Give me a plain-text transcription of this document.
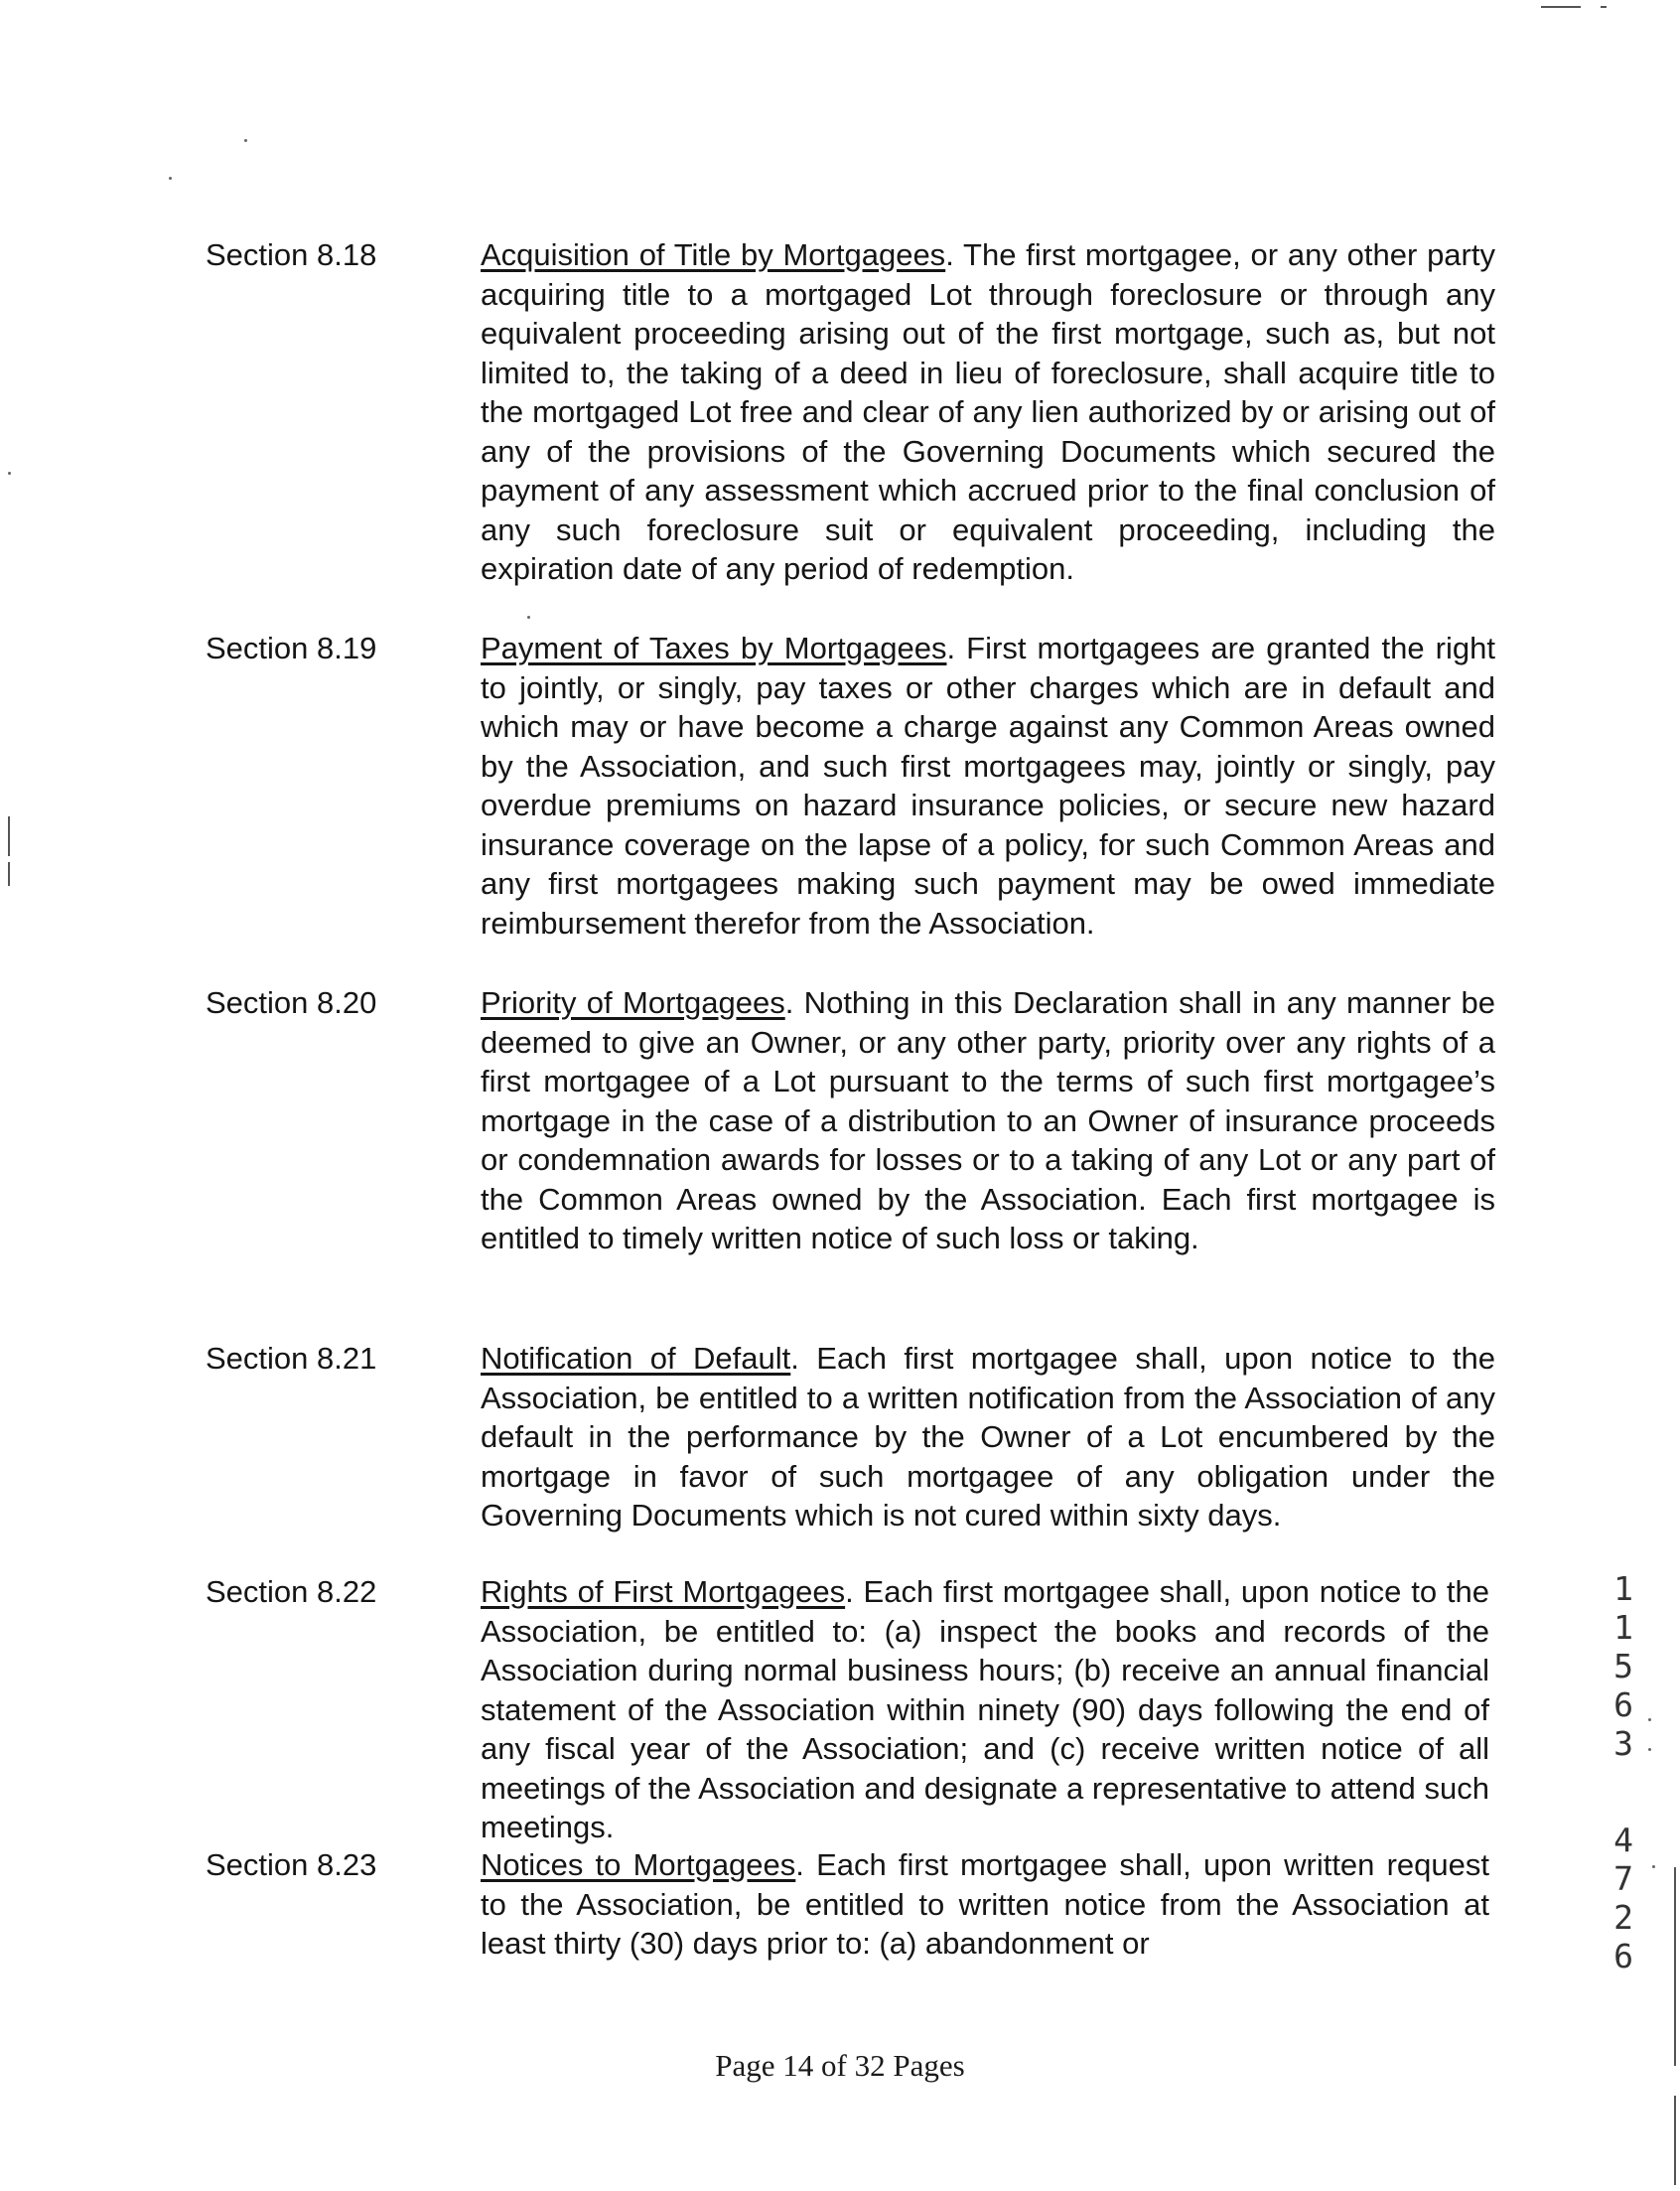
Section 8.18	Acquisition of Title by Mortgagees. The first mortgagee, or any other party acquiring title to a mortgaged Lot through foreclosure or through any equivalent proceeding arising out of the first mortgage, such as, but not limited to, the taking of a deed in lieu of foreclosure, shall acquire title to the mortgaged Lot free and clear of any lien authorized by or arising out of any of the provisions of the Governing Documents which secured the payment of any assessment which accrued prior to the final conclusion of any such foreclosure suit or equivalent proceeding, including the expiration date of any period of redemption.
Section 8.19	Payment of Taxes by Mortgagees. First mortgagees are granted the right to jointly, or singly, pay taxes or other charges which are in default and which may or have become a charge against any Common Areas owned by the Association, and such first mortgagees may, jointly or singly, pay overdue premiums on hazard insurance policies, or secure new hazard insurance coverage on the lapse of a policy, for such Common Areas and any first mortgagees making such payment may be owed immediate reimbursement therefor from the Association.
Section 8.20	Priority of Mortgagees. Nothing in this Declaration shall in any manner be deemed to give an Owner, or any other party, priority over any rights of a first mortgagee of a Lot pursuant to the terms of such first mortgagee’s mortgage in the case of a distribution to an Owner of insurance proceeds or condemnation awards for losses or to a taking of any Lot or any part of the Common Areas owned by the Association. Each first mortgagee is entitled to timely written notice of such loss or taking.
Section 8.21	Notification of Default. Each first mortgagee shall, upon notice to the Association, be entitled to a written notification from the Association of any default in the performance by the Owner of a Lot encumbered by the mortgage in favor of such mortgagee of any obligation under the Governing Documents which is not cured within sixty days.
Section 8.22	Rights of First Mortgagees. Each first mortgagee shall, upon notice to the Association, be entitled to: (a) inspect the books and records of the Association during normal business hours; (b) receive an annual financial statement of the Association within ninety (90) days following the end of any fiscal year of the Association; and (c) receive written notice of all meetings of the Association and designate a representative to attend such meetings.
Section 8.23	Notices to Mortgagees. Each first mortgagee shall, upon written request to the Association, be entitled to written notice from the Association at least thirty (30) days prior to: (a) abandonment or
Page 14 of 32 Pages
1
1
5
6
3
4
7
2
6
